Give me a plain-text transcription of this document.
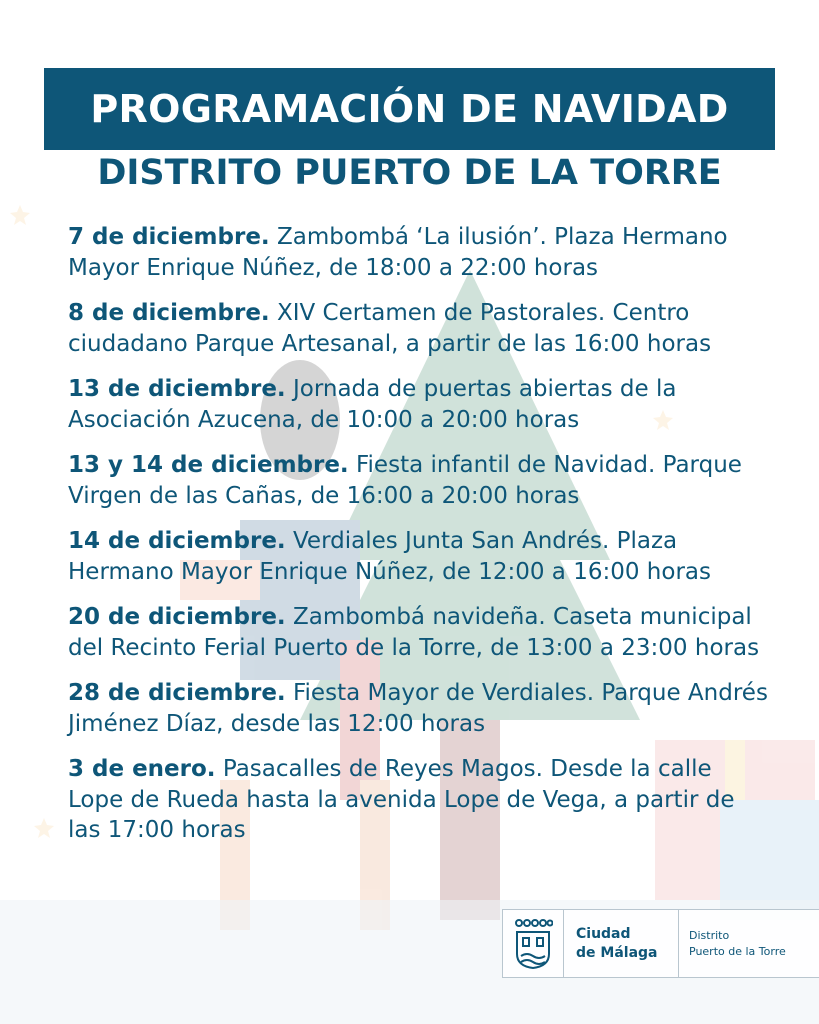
PROGRAMACIÓN DE NAVIDAD
DISTRITO PUERTO DE LA TORRE
7 de diciembre. Zambombá ‘La ilusión’. Plaza Hermano Mayor Enrique Núñez, de 18:00 a 22:00 horas
8 de diciembre. XIV Certamen de Pastorales. Centro ciudadano Parque Artesanal, a partir de las 16:00 horas
13 de diciembre. Jornada de puertas abiertas de la Asociación Azucena, de 10:00 a 20:00 horas
13 y 14 de diciembre. Fiesta infantil de Navidad. Parque Virgen de las Cañas, de 16:00 a 20:00 horas
14 de diciembre. Verdiales Junta San Andrés. Plaza Hermano Mayor Enrique Núñez, de 12:00 a 16:00 horas
20 de diciembre. Zambombá navideña. Caseta municipal del Recinto Ferial Puerto de la Torre, de 13:00 a 23:00 horas
28 de diciembre. Fiesta Mayor de Verdiales. Parque Andrés Jiménez Díaz, desde las 12:00 horas
3 de enero. Pasacalles de Reyes Magos. Desde la calle Lope de Rueda hasta la avenida Lope de Vega, a partir de las 17:00 horas
Ciudad
de Málaga
Distrito
Puerto de la Torre
